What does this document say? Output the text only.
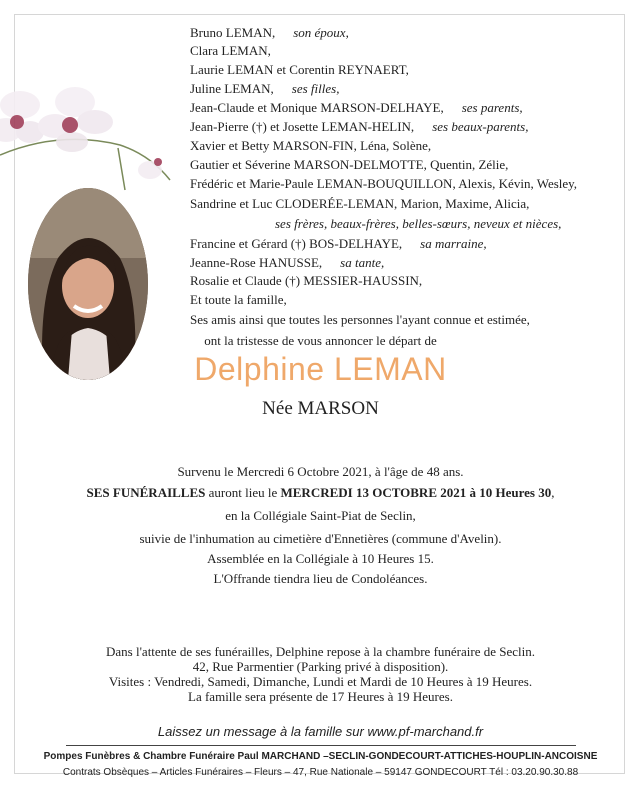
Bruno LEMAN, son époux,
Clara LEMAN,
Laurie LEMAN et Corentin REYNAERT,
Juline LEMAN, ses filles,
Jean-Claude et Monique MARSON-DELHAYE, ses parents,
Jean-Pierre (†) et Josette LEMAN-HELIN, ses beaux-parents,
Xavier et Betty MARSON-FIN, Léna, Solène,
Gautier et Séverine MARSON-DELMOTTE, Quentin, Zélie,
Frédéric et Marie-Paule LEMAN-BOUQUILLON, Alexis, Kévin, Wesley,
Sandrine et Luc CLODERÉE-LEMAN, Marion, Maxime, Alicia,
ses frères, beaux-frères, belles-sœurs, neveux et nièces,
Francine et Gérard (†) BOS-DELHAYE, sa marraine,
Jeanne-Rose HANUSSE, sa tante,
Rosalie et Claude (†) MESSIER-HAUSSIN,
Et toute la famille,
Ses amis ainsi que toutes les personnes l'ayant connue et estimée,
ont la tristesse de vous annoncer le départ de
Delphine LEMAN
Née MARSON
Survenu le Mercredi 6 Octobre 2021, à l'âge de 48 ans.
SES FUNÉRAILLES auront lieu le MERCREDI 13 OCTOBRE 2021 à 10 Heures 30,
en la Collégiale Saint-Piat de Seclin,
suivie de l'inhumation au cimetière d'Ennetières (commune d'Avelin).
Assemblée en la Collégiale à 10 Heures 15.
L'Offrande tiendra lieu de Condoléances.
Dans l'attente de ses funérailles, Delphine repose à la chambre funéraire de Seclin.
42, Rue Parmentier (Parking privé à disposition).
Visites : Vendredi, Samedi, Dimanche, Lundi et Mardi de 10 Heures à 19 Heures.
La famille sera présente de 17 Heures à 19 Heures.
Laissez un message à la famille sur www.pf-marchand.fr
Pompes Funèbres & Chambre Funéraire Paul MARCHAND –SECLIN-GONDECOURT-ATTICHES-HOUPLIN-ANCOISNE
Contrats Obsèques – Articles Funéraires – Fleurs – 47, Rue Nationale – 59147 GONDECOURT Tél : 03.20.90.30.88
